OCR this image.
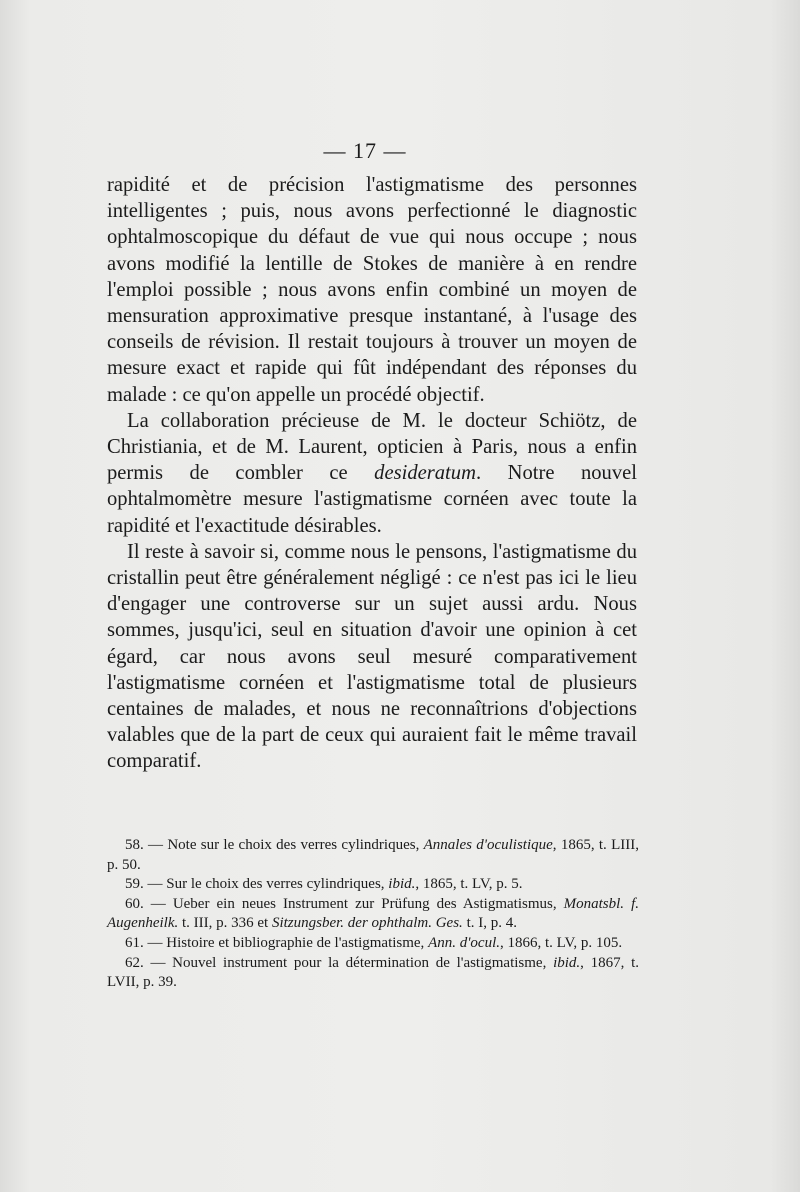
— 17 —

rapidité et de précision l'astigmatisme des personnes intelligentes ; puis, nous avons perfectionné le diagnostic ophtalmoscopique du défaut de vue qui nous occupe ; nous avons modifié la lentille de Stokes de manière à en rendre l'emploi possible ; nous avons enfin combiné un moyen de mensuration approximative presque instantané, à l'usage des conseils de révision. Il restait toujours à trouver un moyen de mesure exact et rapide qui fût indépendant des réponses du malade : ce qu'on appelle un procédé objectif.

La collaboration précieuse de M. le docteur Schiötz, de Christiania, et de M. Laurent, opticien à Paris, nous a enfin permis de combler ce desideratum. Notre nouvel ophtalmomètre mesure l'astigmatisme cornéen avec toute la rapidité et l'exactitude désirables.

Il reste à savoir si, comme nous le pensons, l'astigmatisme du cristallin peut être généralement négligé : ce n'est pas ici le lieu d'engager une controverse sur un sujet aussi ardu. Nous sommes, jusqu'ici, seul en situation d'avoir une opinion à cet égard, car nous avons seul mesuré comparativement l'astigmatisme cornéen et l'astigmatisme total de plusieurs centaines de malades, et nous ne reconnaîtrions d'objections valables que de la part de ceux qui auraient fait le même travail comparatif.

58. — Note sur le choix des verres cylindriques, Annales d'oculistique, 1865, t. LIII, p. 50.

59. — Sur le choix des verres cylindriques, ibid., 1865, t. LV, p. 5.

60. — Ueber ein neues Instrument zur Prüfung des Astigmatismus, Monatsbl. f. Augenheilk. t. III, p. 336 et Sitzungsber. der ophthalm. Ges. t. I, p. 4.

61. — Histoire et bibliographie de l'astigmatisme, Ann. d'ocul., 1866, t. LV, p. 105.

62. — Nouvel instrument pour la détermination de l'astigmatisme, ibid., 1867, t. LVII, p. 39.
